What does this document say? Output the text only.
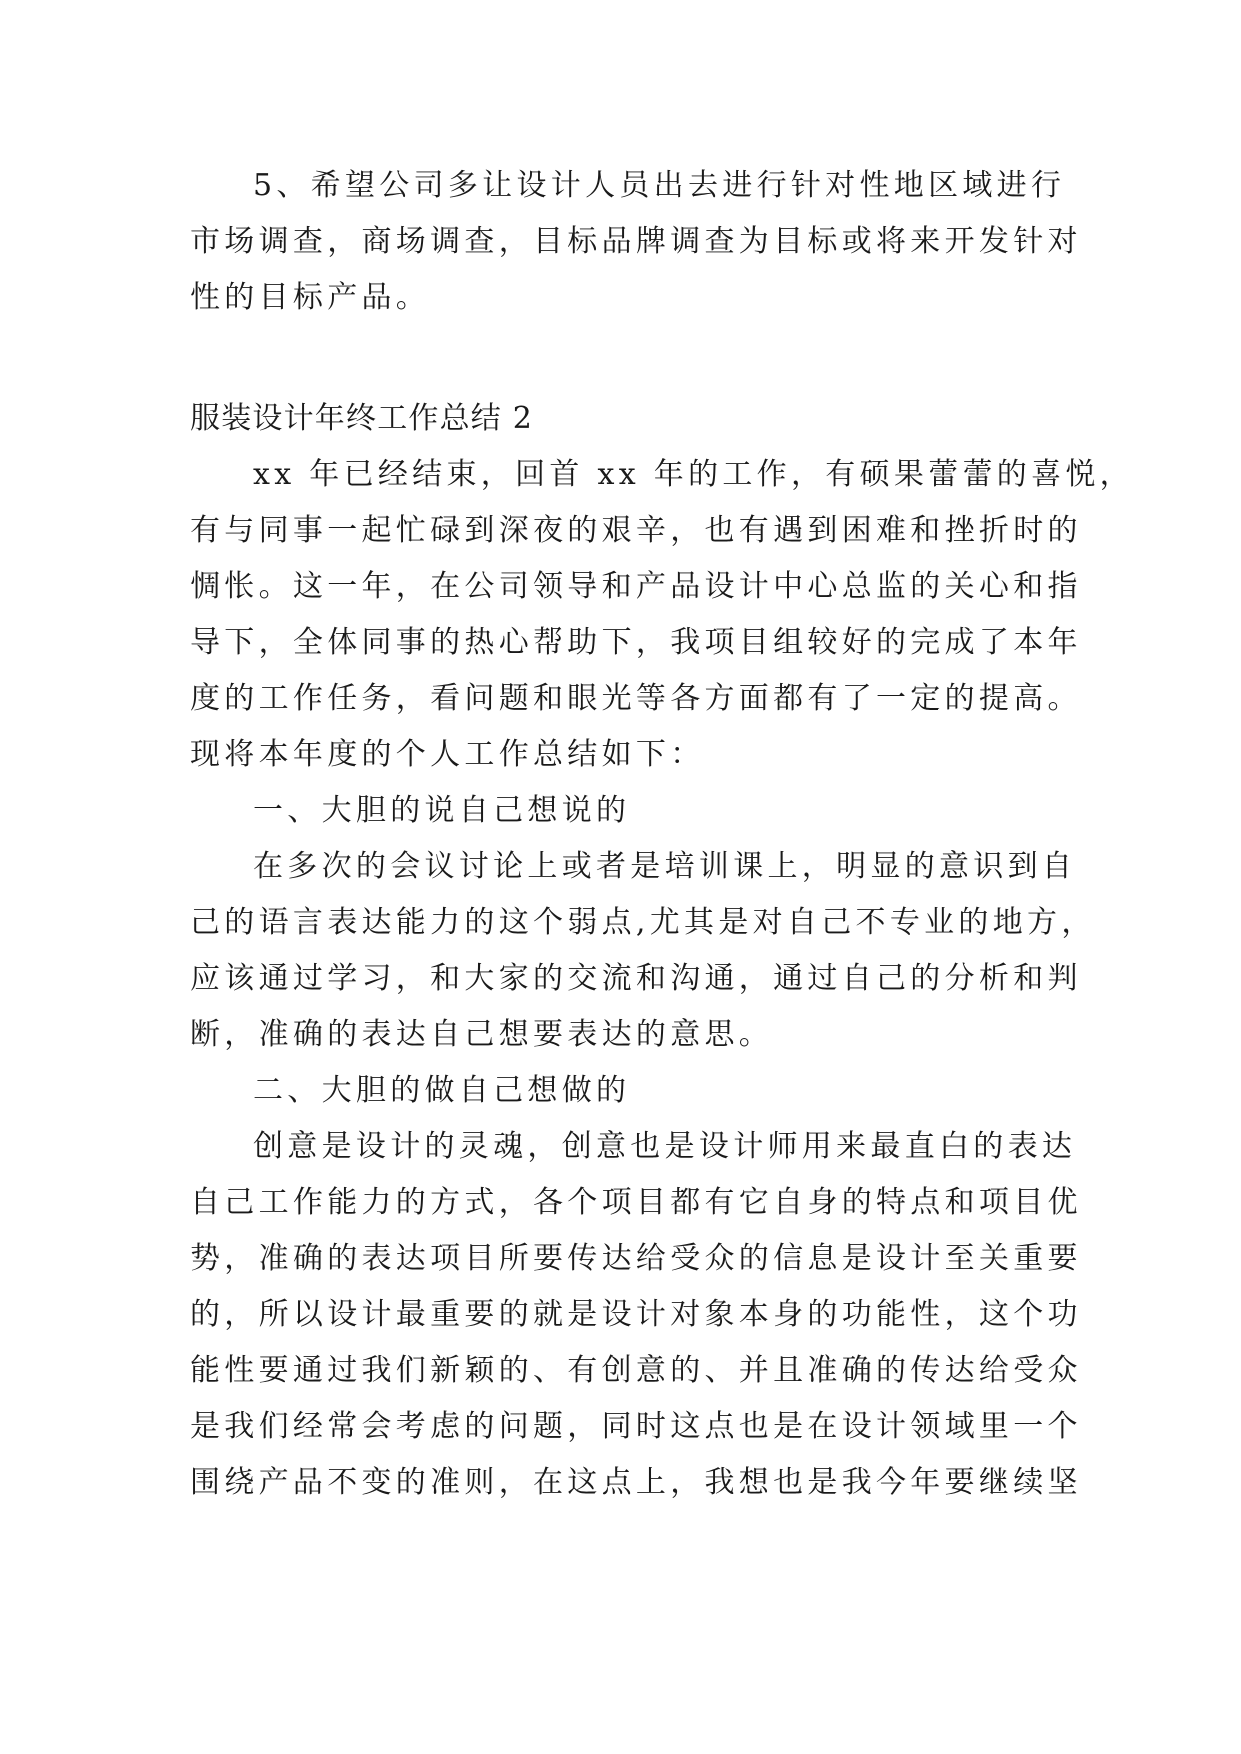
5、希望公司多让设计人员出去进行针对性地区域进行
市场调查，商场调查，目标品牌调查为目标或将来开发针对
性的目标产品。
服装设计年终工作总结 2
xx 年已经结束，回首 xx 年的工作，有硕果蕾蕾的喜悦，
有与同事一起忙碌到深夜的艰辛，也有遇到困难和挫折时的
惆怅。这一年，在公司领导和产品设计中心总监的关心和指
导下，全体同事的热心帮助下，我项目组较好的完成了本年
度的工作任务，看问题和眼光等各方面都有了一定的提高。
现将本年度的个人工作总结如下：
一、大胆的说自己想说的
在多次的会议讨论上或者是培训课上，明显的意识到自
己的语言表达能力的这个弱点,尤其是对自己不专业的地方，
应该通过学习，和大家的交流和沟通，通过自己的分析和判
断，准确的表达自己想要表达的意思。
二、大胆的做自己想做的
创意是设计的灵魂，创意也是设计师用来最直白的表达
自己工作能力的方式，各个项目都有它自身的特点和项目优
势，准确的表达项目所要传达给受众的信息是设计至关重要
的，所以设计最重要的就是设计对象本身的功能性，这个功
能性要通过我们新颖的、有创意的、并且准确的传达给受众
是我们经常会考虑的问题，同时这点也是在设计领域里一个
围绕产品不变的准则，在这点上，我想也是我今年要继续坚
